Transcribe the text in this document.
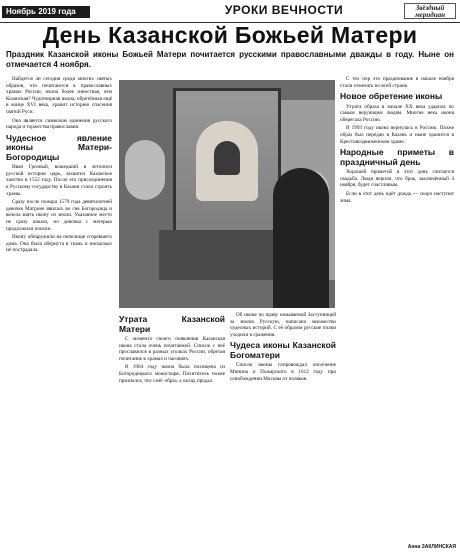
Ноябрь 2019 года	УРОКИ ВЕЧНОСТИ	Звёздный
меридиан
День Казанской Божьей Матери
Праздник Казанской иконы Божьей Матери почитается русскими православными дважды в году. Ныне он отмечается 4 ноября.

Найдется ли сегодня среди многих святых образов, что почитаются в православных храмах России, икона более известная, чем Казанская? Чудотворная икона, обретённая ещё в конце XVI века, хранит историю спасения святой Руси.

Она является символом единения русского народа и торжества православия.

Чудесное явление иконы Матери-Богородицы

Иван Грозный, вошедший в летописи русской истории царь, захватил Казанское ханство в 1552 году. После его присоединения к Русскому государству в Казани стали строить храмы.

Сразу после пожара 1579 года девятилетней девочке Матроне явилась во сне Богородица и велела взять икону из земли. Указанное место не сразу нашли, но девочка с матерью продолжили поиски.

Икону обнаружили на пепелище сгоревшего дома. Она была обернута в ткань и нисколько не пострадала.

Утрата Казанской Матери

С момента своего появления Казанская икона стала очень почитаемой. Список с неё прославился в разных уголках России, обретая почитание в храмах и часовнях.

В 1904 году икона была похищена из Богородицкого монастыря. Похититель позже признался, что сжёг образ, а оклад продал.

Об иконе по праву называемой Заступницей за землю Русскую, написано множество чудесных историй. С её образом русские полки уходили в сражения.

Чудеса иконы Казанской Богоматери

Список иконы сопровождал ополчение Минина и Пожарского в 1612 году при освобождении Москвы от поляков.

С тех пор это празднование в начале ноября стали отмечать по всей стране.

Новое обретение иконы

Утрата образа в начале XX века ударила по самым верующим людям. Многие века икона оберегала Россию.

В 1993 году икона вернулась в Россию. Позже образ был передан в Казань и ныне хранится в Крестовоздвиженском храме.

Народные приметы в праздничный день

Хорошей приметой в этот день считается свадьба. Люди верили, что брак, заключённый 4 ноября, будет счастливым.

Если в этот день идёт дождь — скоро наступит зима.

Анна ЗАКЛИНСКАЯ
